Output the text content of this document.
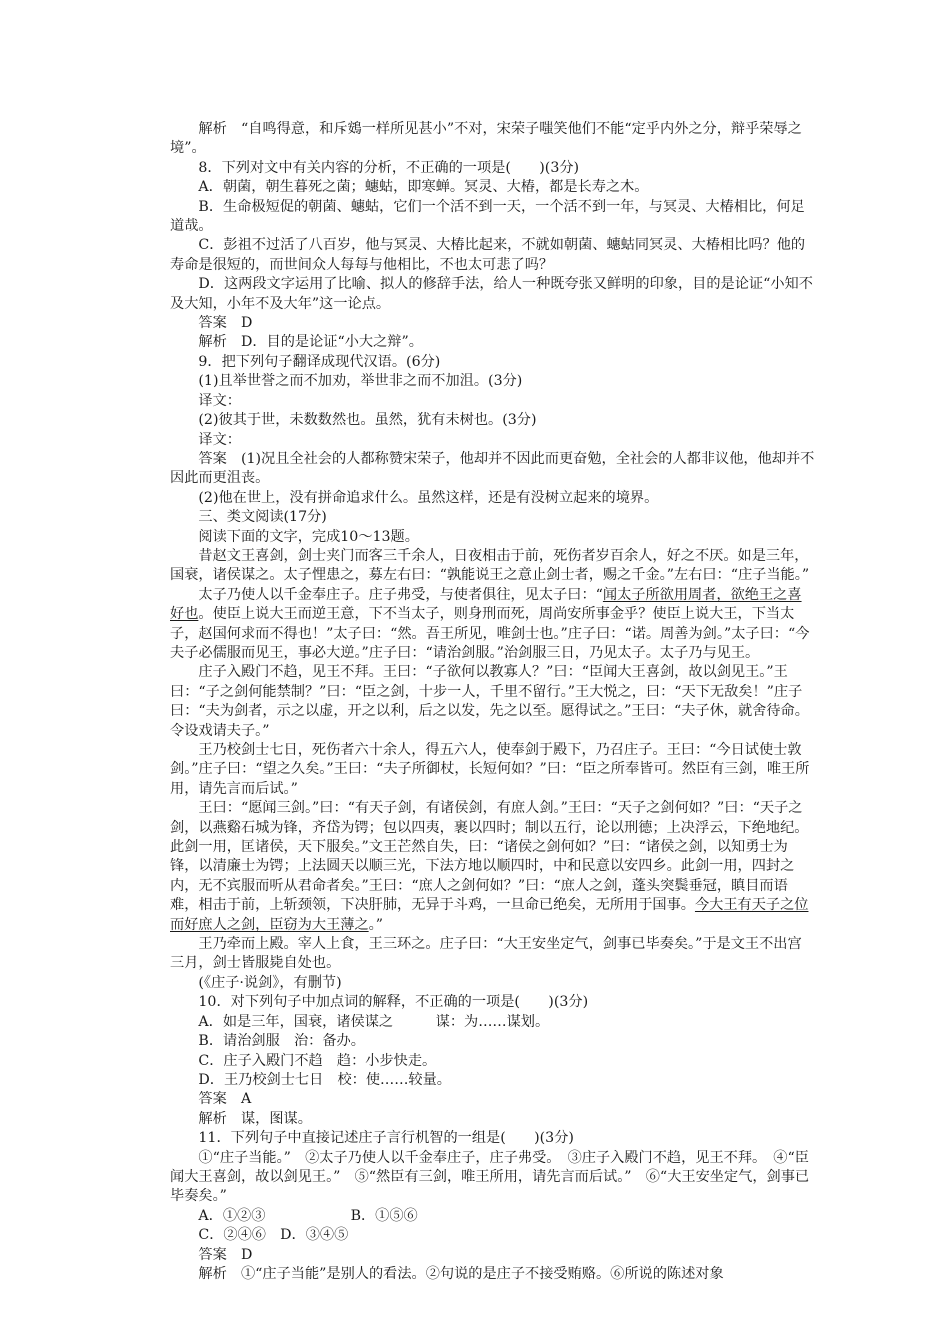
解析　“自鸣得意，和斥鴳一样所见甚小”不对，宋荣子嗤笑他们不能“定乎内外之分，辩乎荣辱之境”。

8．下列对文中有关内容的分析，不正确的一项是(　　)(3分)

A．朝菌，朝生暮死之菌；蟪蛄，即寒蝉。冥灵、大椿，都是长寿之木。

B．生命极短促的朝菌、蟪蛄，它们一个活不到一天，一个活不到一年，与冥灵、大椿相比，何足道哉。

C．彭祖不过活了八百岁，他与冥灵、大椿比起来，不就如朝菌、蟪蛄同冥灵、大椿相比吗？他的寿命是很短的，而世间众人每每与他相比，不也太可悲了吗？

D．这两段文字运用了比喻、拟人的修辞手法，给人一种既夸张又鲜明的印象，目的是论证“小知不及大知，小年不及大年”这一论点。

答案　D

解析　D．目的是论证“小大之辩”。

9．把下列句子翻译成现代汉语。(6分)

(1)且举世誉之而不加劝，举世非之而不加沮。(3分)

译文：

(2)彼其于世，未数数然也。虽然，犹有未树也。(3分)

译文：

答案　(1)况且全社会的人都称赞宋荣子，他却并不因此而更奋勉，全社会的人都非议他，他却并不因此而更沮丧。

(2)他在世上，没有拼命追求什么。虽然这样，还是有没树立起来的境界。

三、类文阅读(17分)

阅读下面的文字，完成10～13题。

昔赵文王喜剑，剑士夹门而客三千余人，日夜相击于前，死伤者岁百余人，好之不厌。如是三年，国衰，诸侯谋之。太子悝患之，募左右曰：“孰能说王之意止剑士者，赐之千金。”左右曰：“庄子当能。”

太子乃使人以千金奉庄子。庄子弗受，与使者俱往，见太子曰：“闻太子所欲用周者，欲绝王之喜好也。使臣上说大王而逆王意，下不当太子，则身刑而死，周尚安所事金乎？使臣上说大王，下当太子，赵国何求而不得也！”太子曰：“然。吾王所见，唯剑士也。”庄子曰：“诺。周善为剑。”太子曰：“今夫子必儒服而见王，事必大逆。”庄子曰：“请治剑服。”治剑服三日，乃见太子。太子乃与见王。

庄子入殿门不趋，见王不拜。王曰：“子欲何以教寡人？”曰：“臣闻大王喜剑，故以剑见王。”王曰：“子之剑何能禁制？”曰：“臣之剑，十步一人，千里不留行。”王大悦之，曰：“天下无敌矣！”庄子曰：“夫为剑者，示之以虚，开之以利，后之以发，先之以至。愿得试之。”王曰：“夫子休，就舍待命。令设戏请夫子。”

王乃校剑士七日，死伤者六十余人，得五六人，使奉剑于殿下，乃召庄子。王曰：“今日试使士敦剑。”庄子曰：“望之久矣。”王曰：“夫子所御杖，长短何如？”曰：“臣之所奉皆可。然臣有三剑，唯王所用，请先言而后试。”

王曰：“愿闻三剑。”曰：“有天子剑，有诸侯剑，有庶人剑。”王曰：“天子之剑何如？”曰：“天子之剑，以燕谿石城为锋，齐岱为锷；包以四夷，裹以四时；制以五行，论以刑德；上决浮云，下绝地纪。此剑一用，匡诸侯，天下服矣。”文王芒然自失，曰：“诸侯之剑何如？”曰：“诸侯之剑，以知勇士为锋，以清廉士为锷；上法圆天以顺三光，下法方地以顺四时，中和民意以安四乡。此剑一用，四封之内，无不宾服而听从君命者矣。”王曰：“庶人之剑何如？”曰：“庶人之剑，蓬头突鬓垂冠，瞋目而语难，相击于前，上斩颈领，下决肝肺，无异于斗鸡，一旦命已绝矣，无所用于国事。今大王有天子之位而好庶人之剑，臣窃为大王薄之。”

王乃牵而上殿。宰人上食，王三环之。庄子曰：“大王安坐定气，剑事已毕奏矣。”于是文王不出宫三月，剑士皆服毙自处也。

(《庄子·说剑》，有删节)

10．对下列句子中加点词的解释，不正确的一项是(　　)(3分)

A．如是三年，国衰，诸侯谋之　　　谋：为……谋划。

B．请治剑服　治：备办。

C．庄子入殿门不趋　趋：小步快走。

D．王乃校剑士七日　校：使……较量。

答案　A

解析　谋，图谋。

11．下列句子中直接记述庄子言行机智的一组是(　　)(3分)

①“庄子当能。”　②太子乃使人以千金奉庄子，庄子弗受。　③庄子入殿门不趋，见王不拜。　④“臣闻大王喜剑，故以剑见王。”　⑤“然臣有三剑，唯王所用，请先言而后试。”　⑥“大王安坐定气，剑事已毕奏矣。”

A．①②③	B．①⑤⑥

C．②④⑥　D．③④⑤

答案　D

解析　①“庄子当能”是别人的看法。②句说的是庄子不接受贿赂。⑥所说的陈述对象
